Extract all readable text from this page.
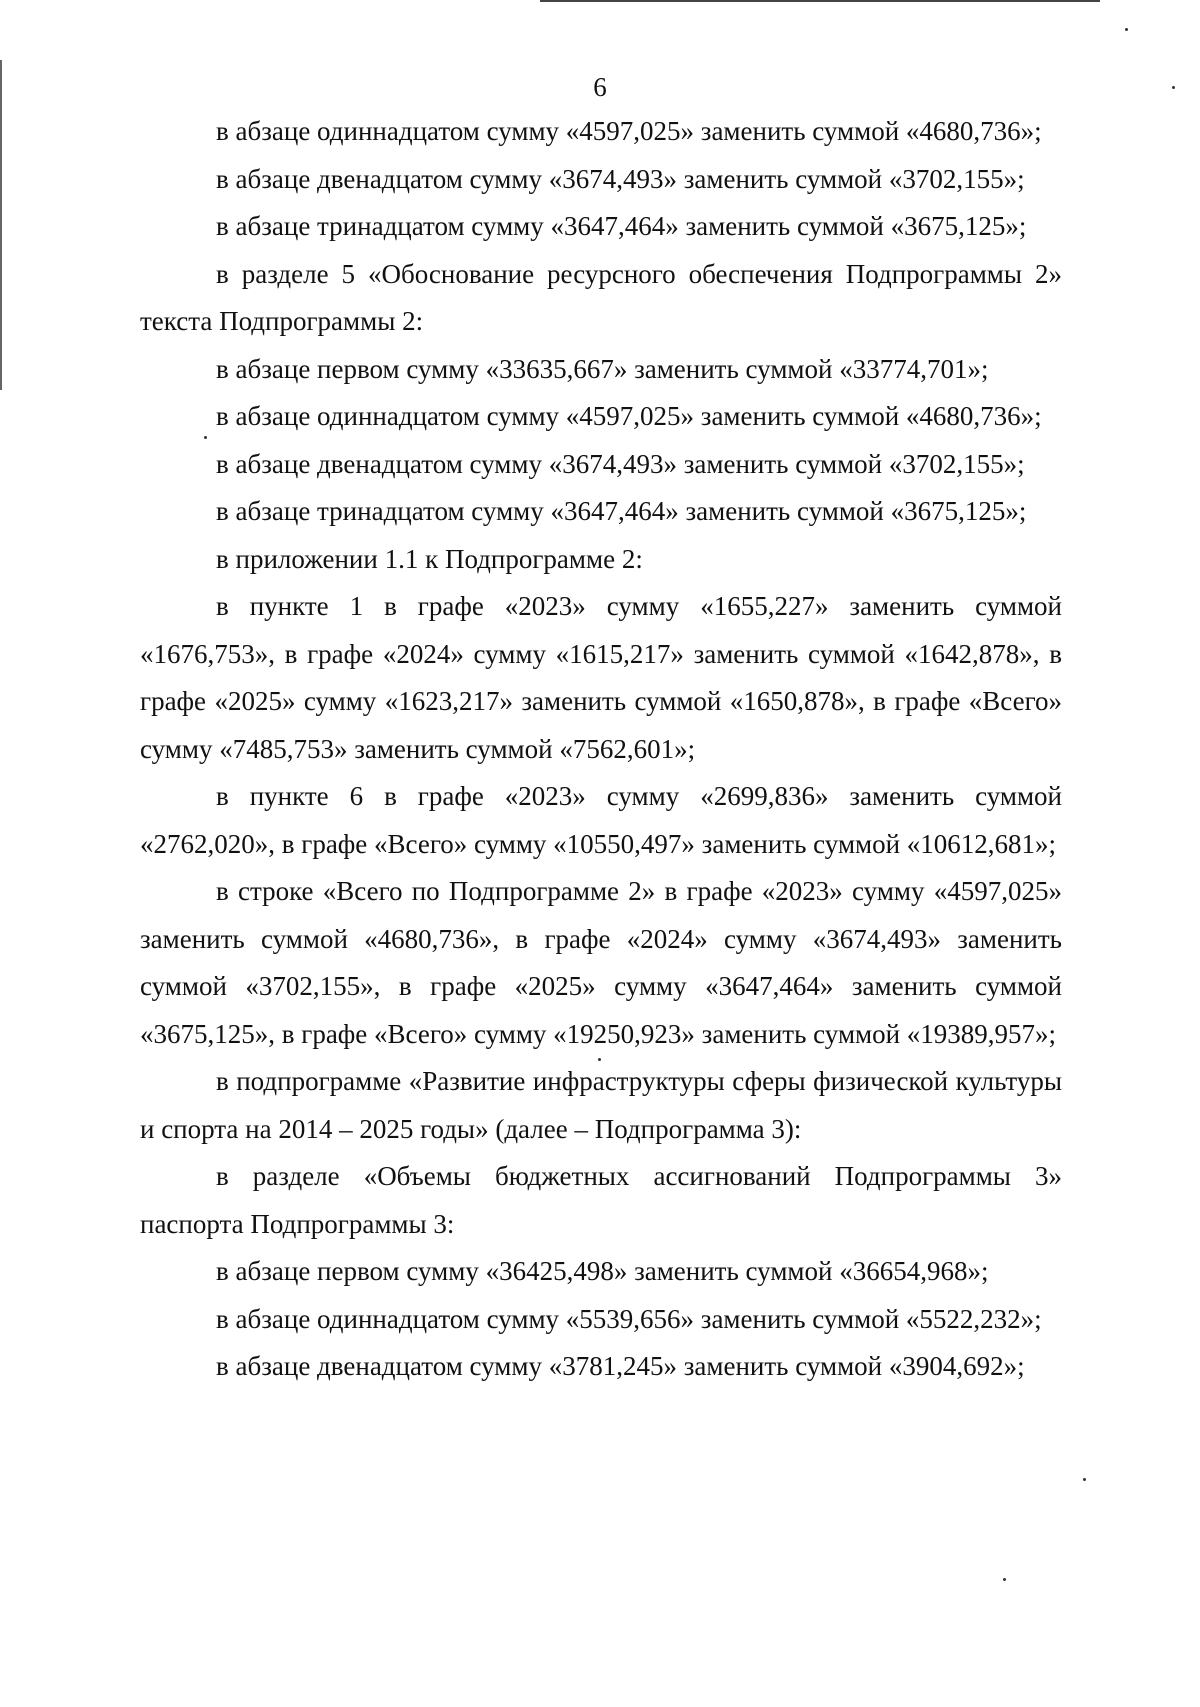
6

в абзаце одиннадцатом сумму «4597,025» заменить суммой «4680,736»;

в абзаце двенадцатом сумму «3674,493» заменить суммой «3702,155»;

в абзаце тринадцатом сумму «3647,464» заменить суммой «3675,125»;

в разделе 5 «Обоснование ресурсного обеспечения Подпрограммы 2» текста Подпрограммы 2:

в абзаце первом сумму «33635,667» заменить суммой «33774,701»;

в абзаце одиннадцатом сумму «4597,025» заменить суммой «4680,736»;

в абзаце двенадцатом сумму «3674,493» заменить суммой «3702,155»;

в абзаце тринадцатом сумму «3647,464» заменить суммой «3675,125»;

в приложении 1.1 к Подпрограмме 2:

в пункте 1 в графе «2023» сумму «1655,227» заменить суммой «1676,753», в графе «2024» сумму «1615,217» заменить суммой «1642,878», в графе «2025» сумму «1623,217» заменить суммой «1650,878», в графе «Всего» сумму «7485,753» заменить суммой «7562,601»;

в пункте 6 в графе «2023» сумму «2699,836» заменить суммой «2762,020», в графе «Всего» сумму «10550,497» заменить суммой «10612,681»;

в строке «Всего по Подпрограмме 2» в графе «2023» сумму «4597,025» заменить суммой «4680,736», в графе «2024» сумму «3674,493» заменить суммой «3702,155», в графе «2025» сумму «3647,464» заменить суммой «3675,125», в графе «Всего» сумму «19250,923» заменить суммой «19389,957»;

в подпрограмме «Развитие инфраструктуры сферы физической культуры и спорта на 2014 – 2025 годы» (далее – Подпрограмма 3):

в разделе «Объемы бюджетных ассигнований Подпрограммы 3» паспорта Подпрограммы 3:

в абзаце первом сумму «36425,498» заменить суммой «36654,968»;

в абзаце одиннадцатом сумму «5539,656» заменить суммой «5522,232»;

в абзаце двенадцатом сумму «3781,245» заменить суммой «3904,692»;
